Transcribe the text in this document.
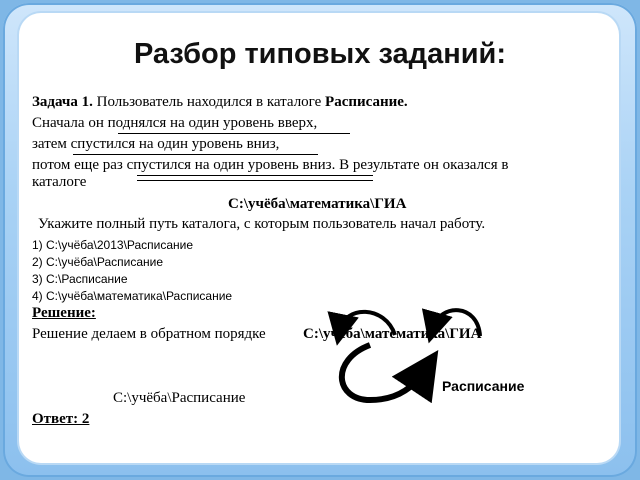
Разбор типовых заданий:
Задача 1. Пользователь находился в каталоге Расписание.
Сначала он поднялся на один уровень вверх,
затем спустился на один уровень вниз,
потом еще раз спустился на один уровень вниз. В результате он оказался в
каталоге
С:\учёба\математика\ГИА
Укажите полный путь каталога, с которым пользователь начал работу.
1) С:\учёба\2013\Расписание
2) С:\учёба\Расписание
3) С:\Расписание
4) С:\учёба\математика\Расписание
Решение:
Решение делаем в обратном порядке С:\учёба\математика\ГИА
Расписание
С:\учёба\Расписание
Ответ: 2
